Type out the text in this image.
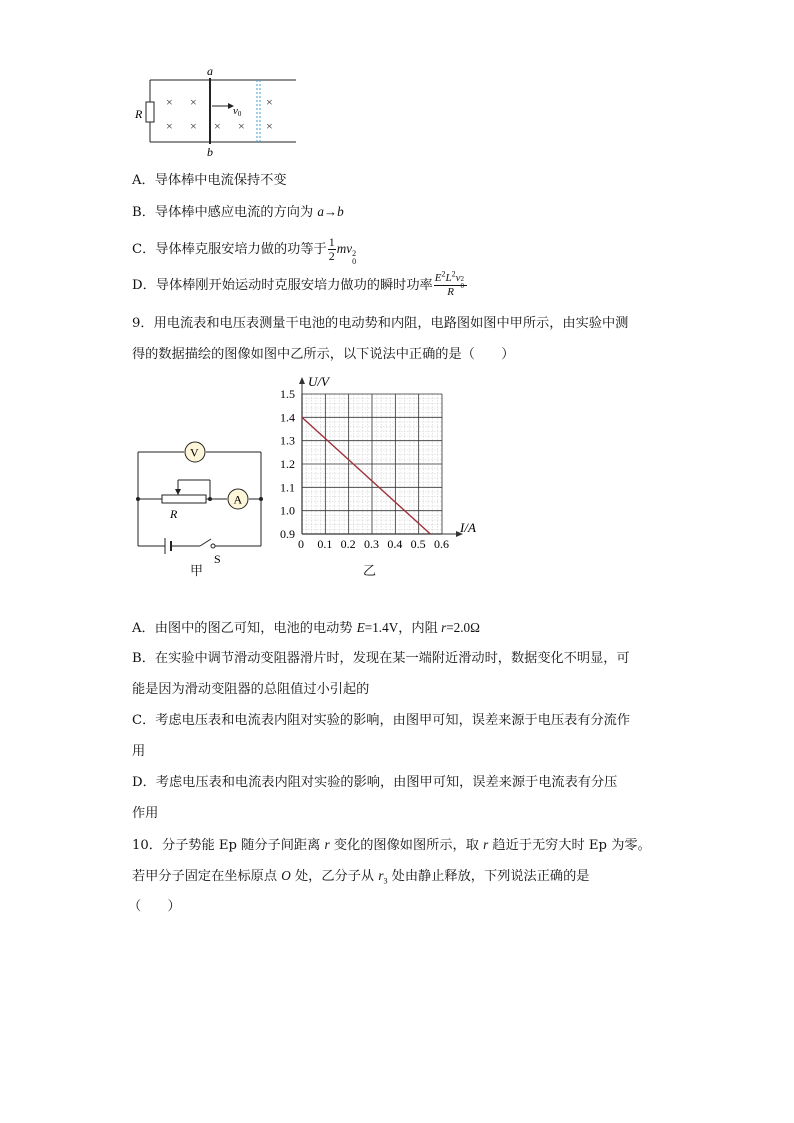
R
a
b
v0
× ×	×
× × × × ×
A．导体棒中电流保持不变
B．导体棒中感应电流的方向为 a→b
C．导体棒克服安培力做的功等于 $\frac{1}{2}$ mv 2
0
D．导体棒刚开始运动时克服安培力做功的瞬时功率 $E^2L^2v$ 2
0
R
9．用电流表和电压表测量干电池的电动势和内阻，电路图如图中甲所示，由实验中测
得的数据描绘的图像如图中乙所示，以下说法中正确的是（　　）
V
R
A
S
甲
0 0.1 0.2 0.3 0.4 0.5 0.6
0.9
1.0
1.1
1.2
1.3
1.4
1.5
U/V
I/A
乙
A．由图中的图乙可知，电池的电动势 E=1.4V，内阻 r=2.0Ω
B．在实验中调节滑动变阻器滑片时，发现在某一端附近滑动时，数据变化不明显，可
能是因为滑动变阻器的总阻值过小引起的
C．考虑电压表和电流表内阻对实验的影响，由图甲可知，误差来源于电压表有分流作
用
D．考虑电压表和电流表内阻对实验的影响，由图甲可知，误差来源于电流表有分压
作用
10．分子势能 Ep 随分子间距离 r 变化的图像如图所示，取 r 趋近于无穷大时 Ep 为零。
若甲分子固定在坐标原点 O 处，乙分子从 $r_3$ 处由静止释放，下列说法正确的是
（　　）
